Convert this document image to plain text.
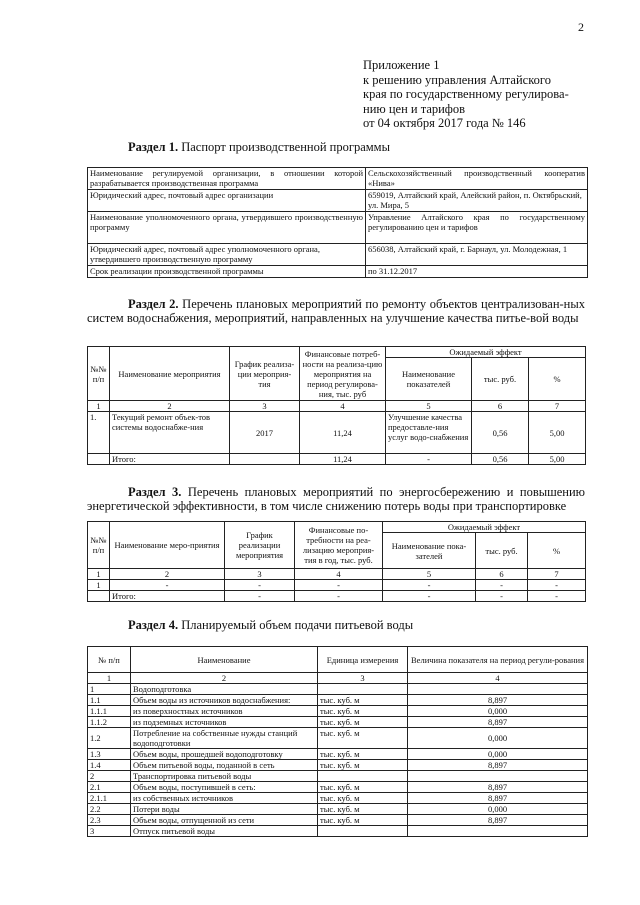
2
Приложение 1
к решению управления Алтайского
края по государственному регулирова-
нию цен и тарифов
от 04 октября 2017 года № 146
Раздел 1. Паспорт производственной программы
Наименование регулируемой организации, в отношении которой разрабатывается производственная программа	Сельскохозяйственный производственный кооператив «Нива»
Юридический адрес, почтовый адрес организации	659019, Алтайский край, Алейский район, п. Октябрьский, ул. Мира, 5
Наименование уполномоченного органа, утвердившего производственную программу	Управление Алтайского края по государственному регулированию цен и тарифов
Юридический адрес, почтовый адрес уполномоченного органа, утвердившего производственную программу	656038, Алтайский край, г. Барнаул, ул. Молодежная, 1
Срок реализации производственной программы	по 31.12.2017
Раздел 2. Перечень плановых мероприятий по ремонту объектов централизован-ных систем водоснабжения, мероприятий, направленных на улучшение качества питье-вой воды
№№ п/п	Наименование мероприятия	График реализа-ции мероприя-тия	Финансовые потреб-ности на реализа-цию мероприятия на период регулирова-ния, тыс. руб	Ожидаемый эффект		
				Наименование показателей	тыс. руб.	%
1	2	3	4	5	6	7
1.	Текущий ремонт объек-тов системы водоснабже-ния	2017	11,24	Улучшение качества предоставле-ния услуг водо-снабжения	0,56	5,00
	Итого:		11,24	-	0,56	5,00
Раздел 3. Перечень плановых мероприятий по энергосбережению и повышению энергетической эффективности, в том числе снижению потерь воды при транспортировке
№№ п/п	Наименование меро-приятия	График реализации мероприятия	Финансовые по-требности на реа-лизацию мероприя-тия в год, тыс. руб.	Ожидаемый эффект		
				Наименование пока-зателей	тыс. руб.	%
1	2	3	4	5	6	7
1	-	-	-	-	-	-
	Итого:	-	-	-	-	-
Раздел 4. Планируемый объем подачи питьевой воды
№ п/п	Наименование	Единица измерения	Величина показателя на период регули-рования
1	2	3	4
1	Водоподготовка		
1.1	Объем воды из источников водоснабжения:	тыс. куб. м	8,897
1.1.1	из поверхностных источников	тыс. куб. м	0,000
1.1.2	из подземных источников	тыс. куб. м	8,897
1.2	Потребление на собственные нужды станций водоподготовки	тыс. куб. м	0,000
1.3	Объем воды, прошедшей водоподготовку	тыс. куб. м	0,000
1.4	Объем питьевой воды, поданной в сеть	тыс. куб. м	8,897
2	Транспортировка питьевой воды		
2.1	Объем воды, поступившей в сеть:	тыс. куб. м	8,897
2.1.1	из собственных источников	тыс. куб. м	8,897
2.2	Потери воды	тыс. куб. м	0,000
2.3	Объем воды, отпущенной из сети	тыс. куб. м	8,897
3	Отпуск питьевой воды		
